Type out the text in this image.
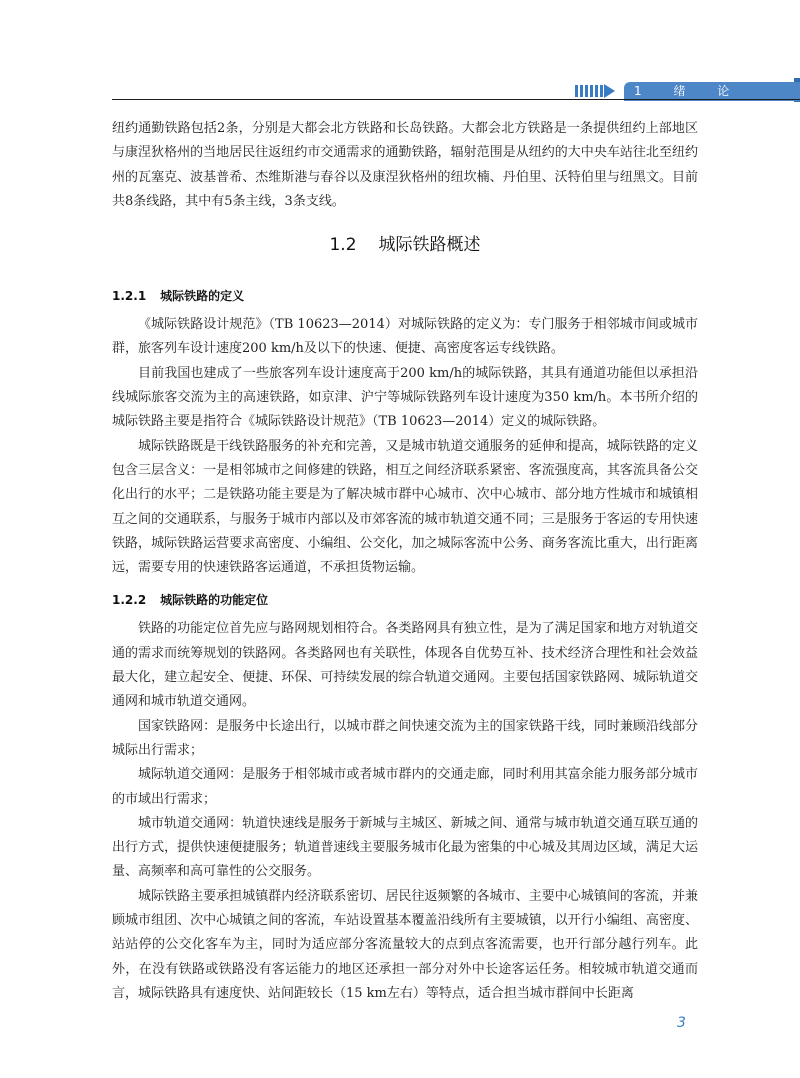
1 绪 论

纽约通勤铁路包括2条，分别是大都会北方铁路和长岛铁路。大都会北方铁路是一条提供纽约上部地区与康涅狄格州的当地居民往返纽约市交通需求的通勤铁路，辐射范围是从纽约的大中央车站往北至纽约州的瓦塞克、波基普希、杰维斯港与春谷以及康涅狄格州的纽坎楠、丹伯里、沃特伯里与纽黑文。目前共8条线路，其中有5条主线，3条支线。

1.2 城际铁路概述
1.2.1 城际铁路的定义

《城际铁路设计规范》（TB 10623—2014）对城际铁路的定义为：专门服务于相邻城市间或城市群，旅客列车设计速度200 km/h及以下的快速、便捷、高密度客运专线铁路。

目前我国也建成了一些旅客列车设计速度高于200 km/h的城际铁路，其具有通道功能但以承担沿线城际旅客交流为主的高速铁路，如京津、沪宁等城际铁路列车设计速度为350 km/h。本书所介绍的城际铁路主要是指符合《城际铁路设计规范》（TB 10623—2014）定义的城际铁路。

城际铁路既是干线铁路服务的补充和完善，又是城市轨道交通服务的延伸和提高，城际铁路的定义包含三层含义：一是相邻城市之间修建的铁路，相互之间经济联系紧密、客流强度高，其客流具备公交化出行的水平；二是铁路功能主要是为了解决城市群中心城市、次中心城市、部分地方性城市和城镇相互之间的交通联系，与服务于城市内部以及市郊客流的城市轨道交通不同；三是服务于客运的专用快速铁路，城际铁路运营要求高密度、小编组、公交化，加之城际客流中公务、商务客流比重大，出行距离远，需要专用的快速铁路客运通道，不承担货物运输。

1.2.2 城际铁路的功能定位

铁路的功能定位首先应与路网规划相符合。各类路网具有独立性，是为了满足国家和地方对轨道交通的需求而统筹规划的铁路网。各类路网也有关联性，体现各自优势互补、技术经济合理性和社会效益最大化，建立起安全、便捷、环保、可持续发展的综合轨道交通网。主要包括国家铁路网、城际轨道交通网和城市轨道交通网。

国家铁路网：是服务中长途出行，以城市群之间快速交流为主的国家铁路干线，同时兼顾沿线部分城际出行需求；

城际轨道交通网：是服务于相邻城市或者城市群内的交通走廊，同时利用其富余能力服务部分城市的市域出行需求；

城市轨道交通网：轨道快速线是服务于新城与主城区、新城之间、通常与城市轨道交通互联互通的出行方式，提供快速便捷服务；轨道普速线主要服务城市化最为密集的中心城及其周边区域，满足大运量、高频率和高可靠性的公交服务。

城际铁路主要承担城镇群内经济联系密切、居民往返频繁的各城市、主要中心城镇间的客流，并兼顾城市组团、次中心城镇之间的客流，车站设置基本覆盖沿线所有主要城镇，以开行小编组、高密度、站站停的公交化客车为主，同时为适应部分客流量较大的点到点客流需要，也开行部分越行列车。此外，在没有铁路或铁路没有客运能力的地区还承担一部分对外中长途客运任务。相较城市轨道交通而言，城际铁路具有速度快、站间距较长（15 km左右）等特点，适合担当城市群间中长距离

3
